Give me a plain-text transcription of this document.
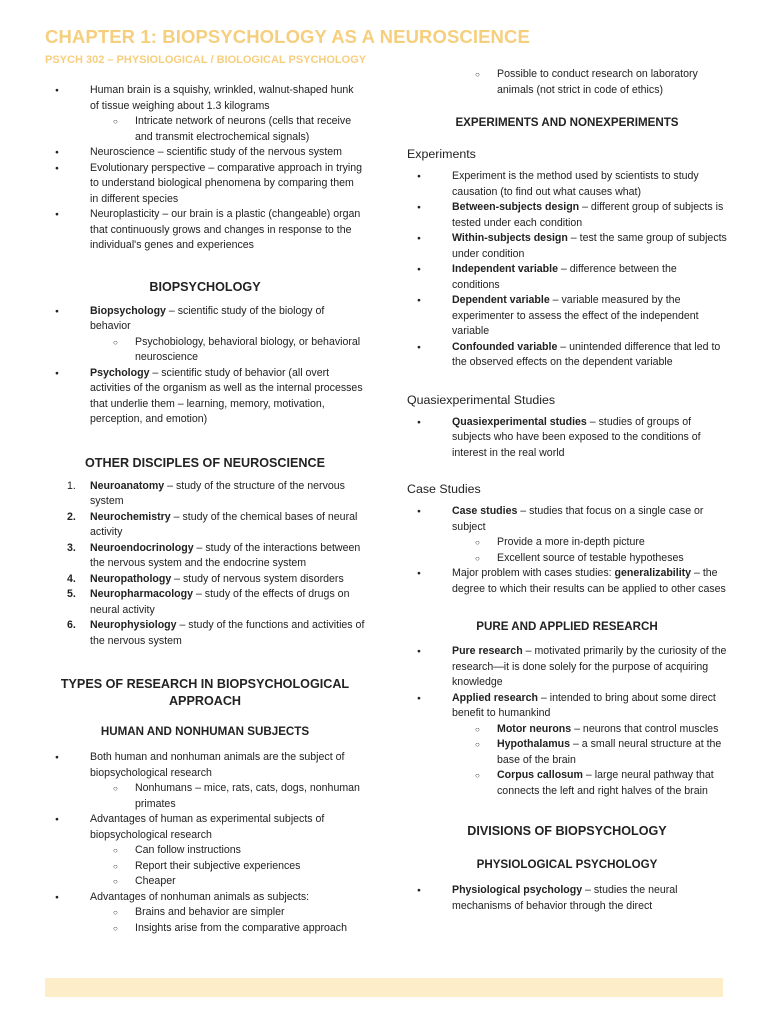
CHAPTER 1: BIOPSYCHOLOGY AS A NEUROSCIENCE
PSYCH 302 – PHYSIOLOGICAL / BIOLOGICAL PSYCHOLOGY
● Human brain is a squishy, wrinkled, walnut-shaped hunk of tissue weighing about 1.3 kilograms
○ Intricate network of neurons (cells that receive and transmit electrochemical signals)
● Neuroscience – scientific study of the nervous system
● Evolutionary perspective – comparative approach in trying to understand biological phenomena by comparing them in different species
● Neuroplasticity – our brain is a plastic (changeable) organ that continuously grows and changes in response to the individual's genes and experiences
BIOPSYCHOLOGY
● Biopsychology – scientific study of the biology of behavior
○ Psychobiology, behavioral biology, or behavioral neuroscience
● Psychology – scientific study of behavior (all overt activities of the organism as well as the internal processes that underlie them – learning, memory, motivation, perception, and emotion)
OTHER DISCIPLES OF NEUROSCIENCE
1. Neuroanatomy – study of the structure of the nervous system
2. Neurochemistry – study of the chemical bases of neural activity
3. Neuroendocrinology – study of the interactions between the nervous system and the endocrine system
4. Neuropathology – study of nervous system disorders
5. Neuropharmacology – study of the effects of drugs on neural activity
6. Neurophysiology – study of the functions and activities of the nervous system
TYPES OF RESEARCH IN BIOPSYCHOLOGICAL APPROACH
HUMAN AND NONHUMAN SUBJECTS
● Both human and nonhuman animals are the subject of biopsychological research
○ Nonhumans – mice, rats, cats, dogs, nonhuman primates
● Advantages of human as experimental subjects of biopsychological research
○ Can follow instructions
○ Report their subjective experiences
○ Cheaper
● Advantages of nonhuman animals as subjects:
○ Brains and behavior are simpler
○ Insights arise from the comparative approach
○ Possible to conduct research on laboratory animals (not strict in code of ethics)
EXPERIMENTS AND NONEXPERIMENTS
Experiments
● Experiment is the method used by scientists to study causation (to find out what causes what)
● Between-subjects design – different group of subjects is tested under each condition
● Within-subjects design – test the same group of subjects under condition
● Independent variable – difference between the conditions
● Dependent variable – variable measured by the experimenter to assess the effect of the independent variable
● Confounded variable – unintended difference that led to the observed effects on the dependent variable
Quasiexperimental Studies
● Quasiexperimental studies – studies of groups of subjects who have been exposed to the conditions of interest in the real world
Case Studies
● Case studies – studies that focus on a single case or subject
○ Provide a more in-depth picture
○ Excellent source of testable hypotheses
● Major problem with cases studies: generalizability – the degree to which their results can be applied to other cases
PURE AND APPLIED RESEARCH
● Pure research – motivated primarily by the curiosity of the research—it is done solely for the purpose of acquiring knowledge
● Applied research – intended to bring about some direct benefit to humankind
○ Motor neurons – neurons that control muscles
○ Hypothalamus – a small neural structure at the base of the brain
○ Corpus callosum – large neural pathway that connects the left and right halves of the brain
DIVISIONS OF BIOPSYCHOLOGY
PHYSIOLOGICAL PSYCHOLOGY
● Physiological psychology – studies the neural mechanisms of behavior through the direct
